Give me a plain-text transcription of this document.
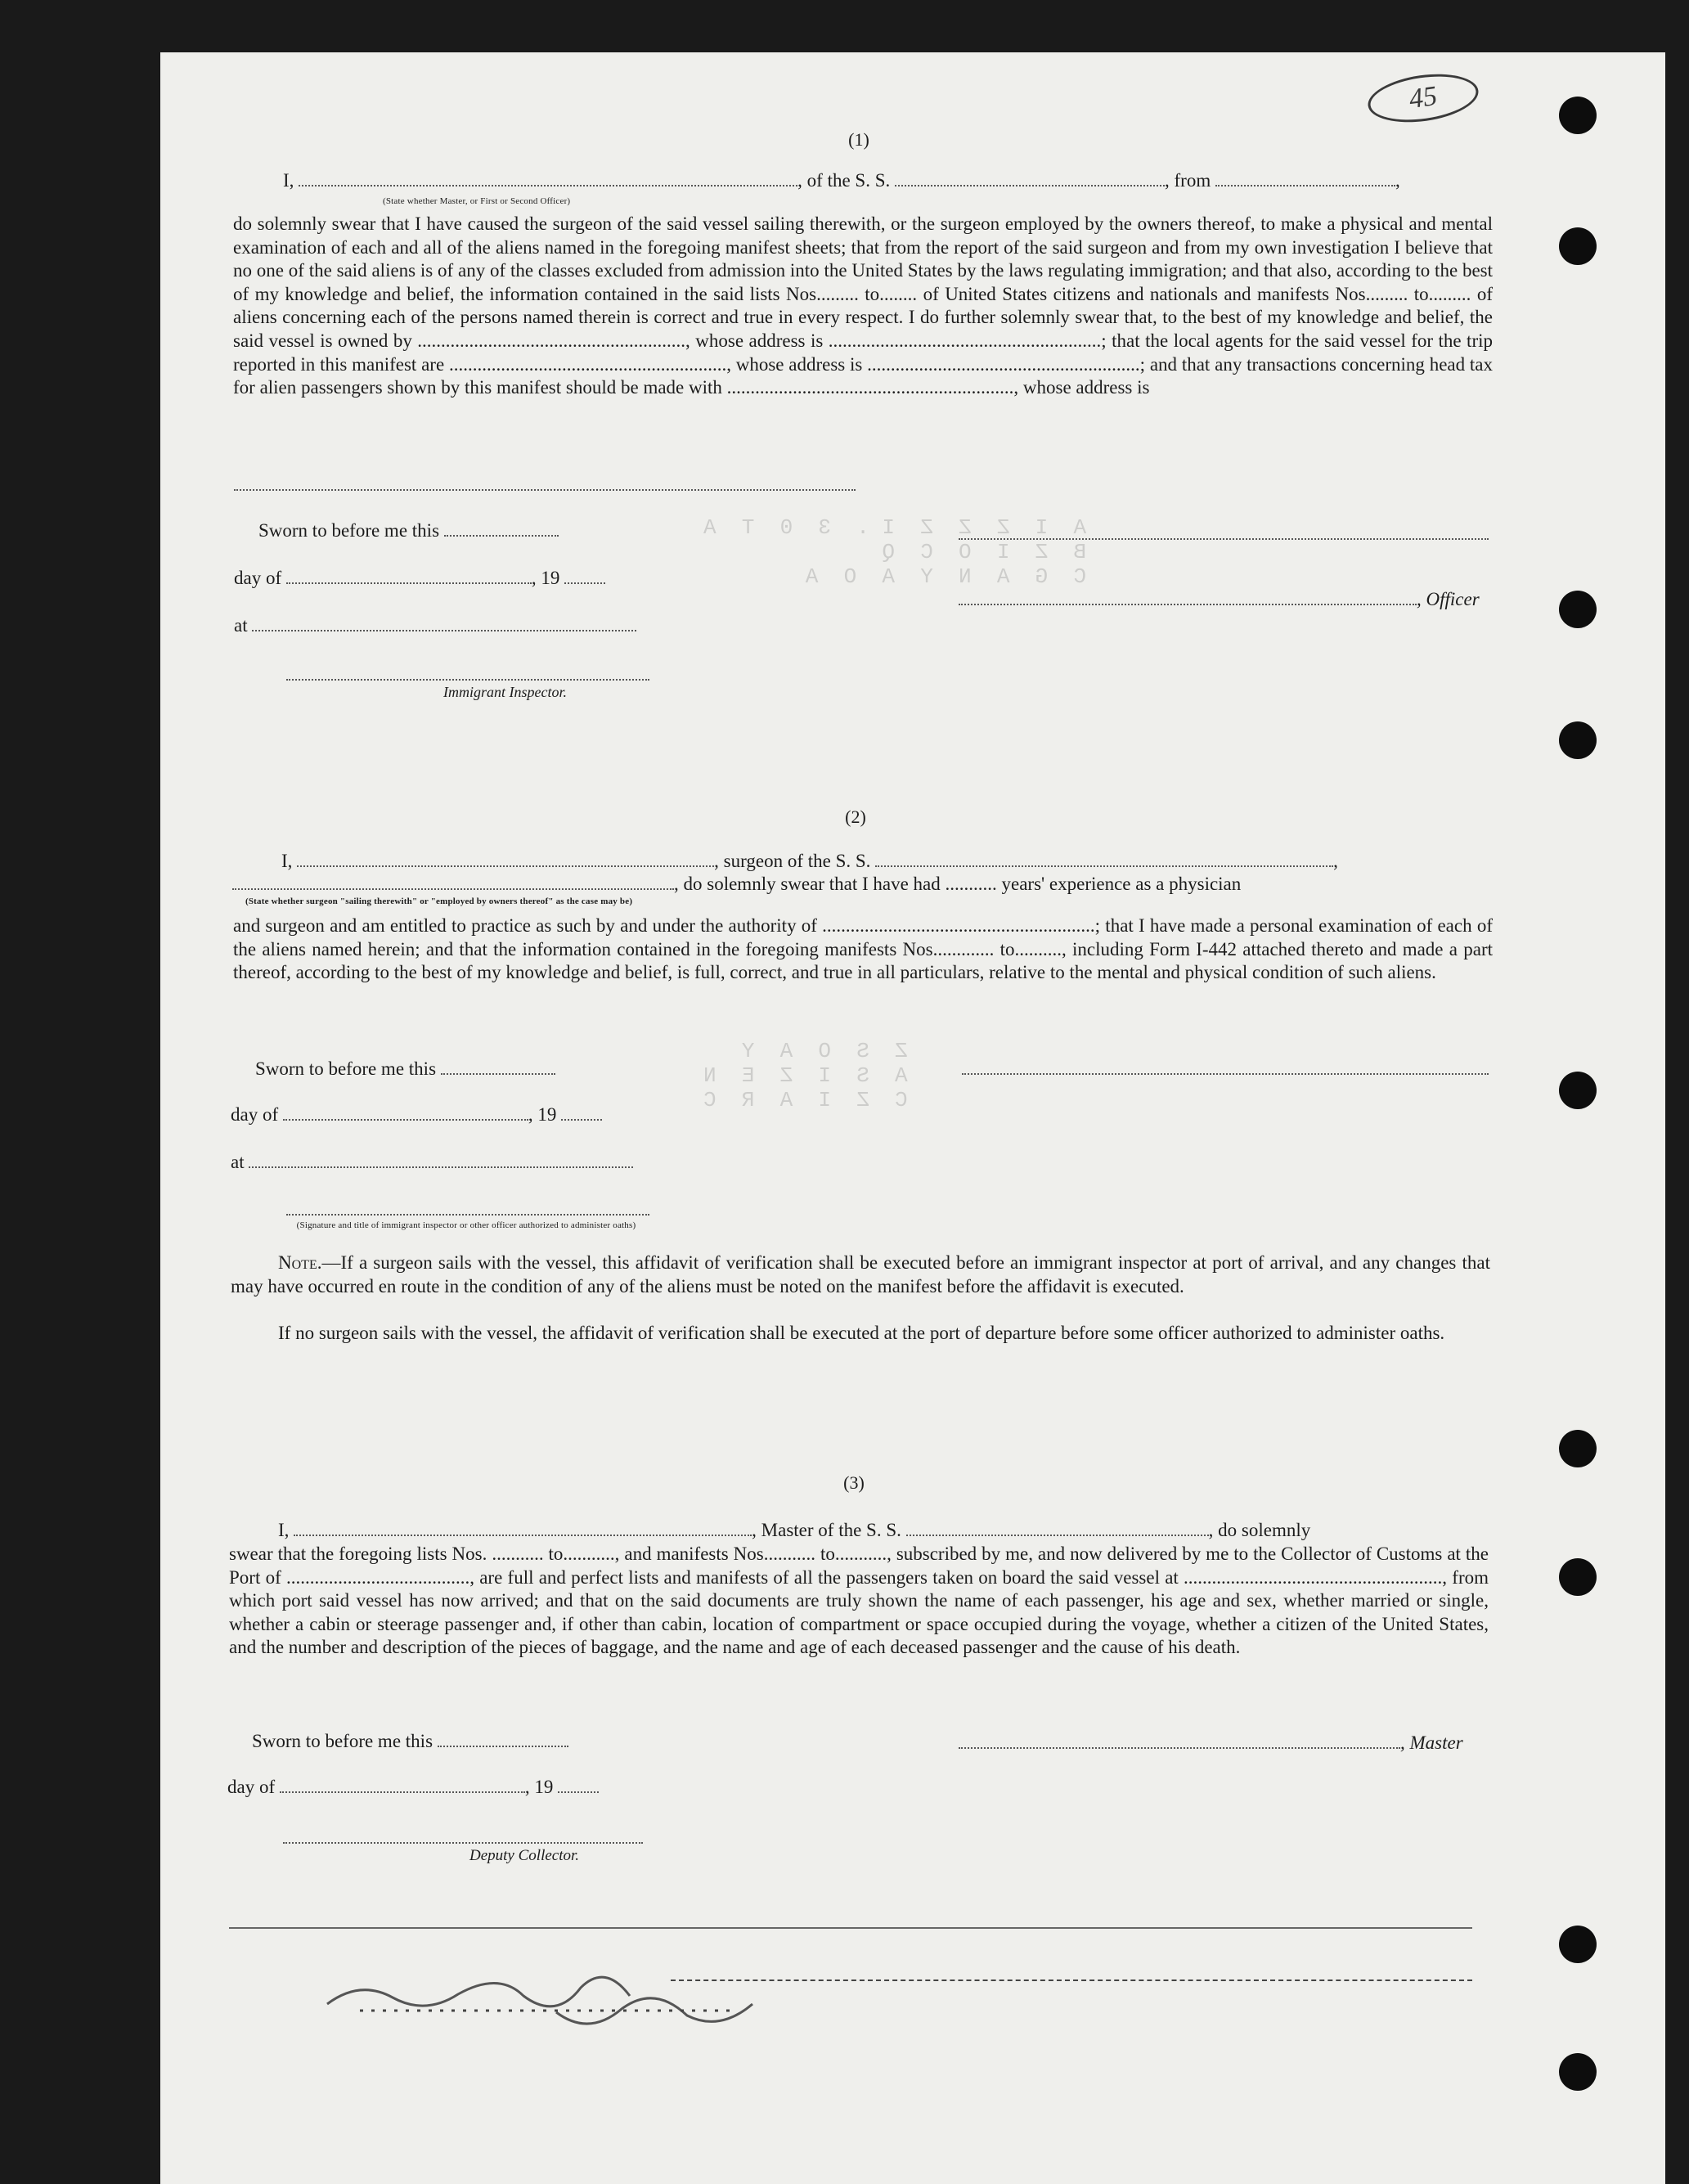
45

A  I  Z  Z  Z  I .  3  0  T  A
B  Z  I  O  C  Q
C  G  A  N  Y  A  O  A

Z  S  O  A  Y
A  S  I  Z  E  N
C  Z  I  A  R  C
(1)
I,	, of the S. S.	, from	,
(State whether Master, or First or Second Officer)
do solemnly swear that I have caused the surgeon of the said vessel sailing therewith, or the surgeon employed by the owners thereof, to make a physical and mental examination of each and all of the aliens named in the foregoing manifest sheets; that from the report of the said surgeon and from my own investigation I believe that no one of the said aliens is of any of the classes excluded from admission into the United States by the laws regulating immigration; and that also, according to the best of my knowledge and belief, the information contained in the said lists Nos......... to........ of United States citizens and nationals and manifests Nos......... to......... of aliens concerning each of the persons named therein is correct and true in every respect. I do further solemnly swear that, to the best of my knowledge and belief, the said vessel is owned by ........................................................., whose address is ..........................................................; that the local agents for the said vessel for the trip reported in this manifest are ..........................................................., whose address is ..........................................................; and that any transactions concerning head tax for alien passengers shown by this manifest should be made with ............................................................., whose address is
Sworn to before me this
day of	, 19
at
Immigrant Inspector.
, Officer
(2)
I,	, surgeon of the S. S.	,
, do solemnly swear that I have had ........... years' experience as a physician
(State whether surgeon "sailing therewith" or "employed by owners thereof" as the case may be)
and surgeon and am entitled to practice as such by and under the authority of ..........................................................; that I have made a personal examination of each of the aliens named herein; and that the information contained in the foregoing manifests Nos............. to.........., including Form I-442 attached thereto and made a part thereof, according to the best of my knowledge and belief, is full, correct, and true in all particulars, relative to the mental and physical condition of such aliens.
Sworn to before me this
day of	, 19
at
(Signature and title of immigrant inspector or other officer authorized to administer oaths)
Note.—If a surgeon sails with the vessel, this affidavit of verification shall be executed before an immigrant inspector at port of arrival, and any changes that may have occurred en route in the condition of any of the aliens must be noted on the manifest before the affidavit is executed.
If no surgeon sails with the vessel, the affidavit of verification shall be executed at the port of departure before some officer authorized to administer oaths.
(3)
I,	, Master of the S. S.	, do solemnly
swear that the foregoing lists Nos. ........... to..........., and manifests Nos........... to..........., subscribed by me, and now delivered by me to the Collector of Customs at the Port of ......................................., are full and perfect lists and manifests of all the passengers taken on board the said vessel at ......................................................., from which port said vessel has now arrived; and that on the said documents are truly shown the name of each passenger, his age and sex, whether married or single, whether a cabin or steerage passenger and, if other than cabin, location of compartment or space occupied during the voyage, whether a citizen of the United States, and the number and description of the pieces of baggage, and the name and age of each deceased passenger and the cause of his death.
Sworn to before me this
day of	, 19
Deputy Collector.
, Master
